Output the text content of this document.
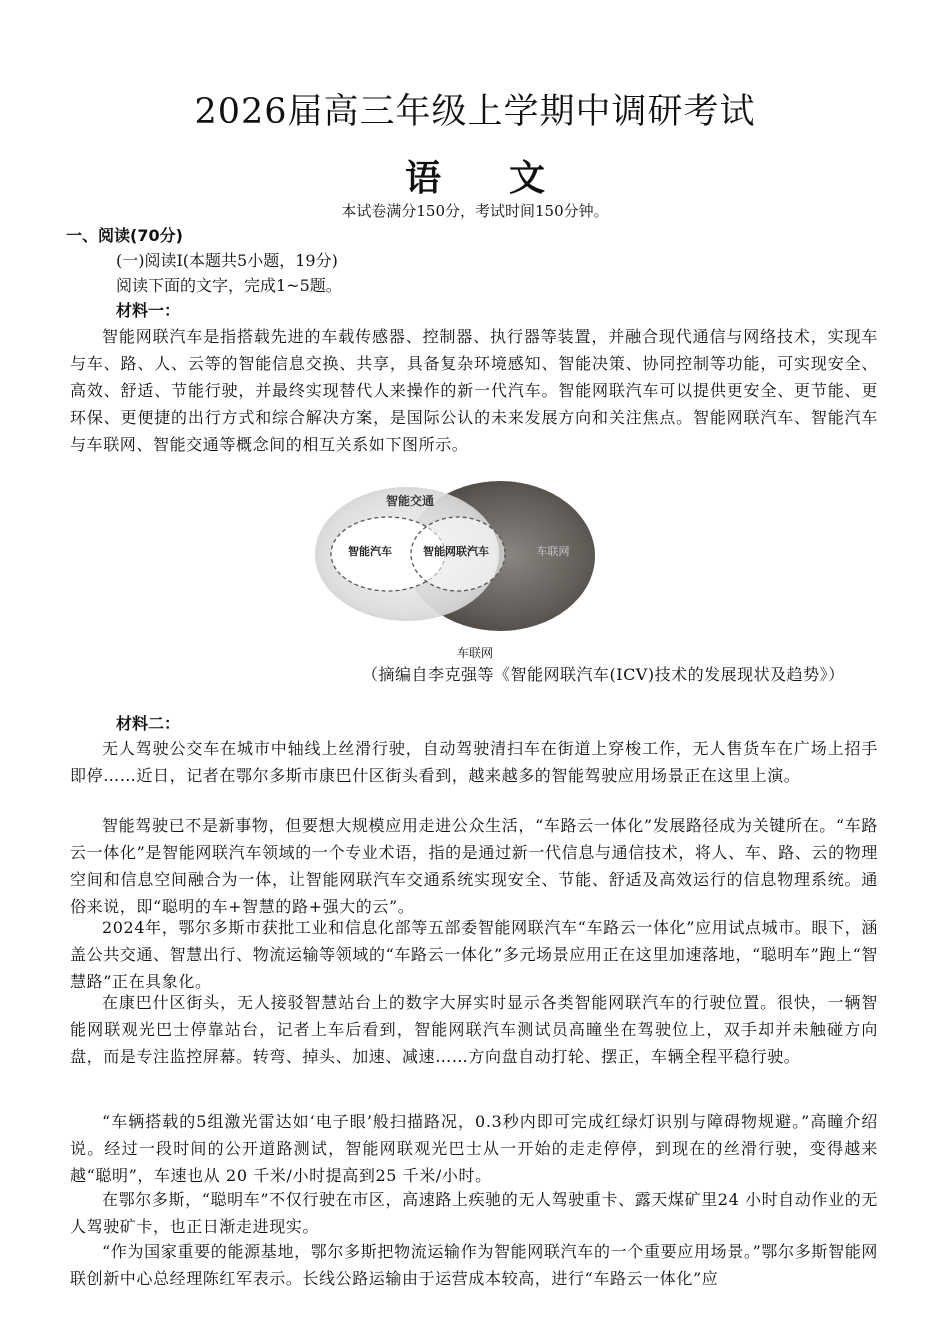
2026届高三年级上学期中调研考试
语文
本试卷满分150分，考试时间150分钟。
一、阅读(70分)
(一)阅读Ⅰ(本题共5小题，19分)
阅读下面的文字，完成1~5题。
材料一：
智能网联汽车是指搭载先进的车载传感器、控制器、执行器等装置，并融合现代通信与网络技术，实现车与车、路、人、云等的智能信息交换、共享，具备复杂环境感知、智能决策、协同控制等功能，可实现安全、高效、舒适、节能行驶，并最终实现替代人来操作的新一代汽车。智能网联汽车可以提供更安全、更节能、更环保、更便捷的出行方式和综合解决方案，是国际公认的未来发展方向和关注焦点。智能网联汽车、智能汽车与车联网、智能交通等概念间的相互关系如下图所示。
智能交通
智能汽车	智能网联汽车	车联网
车联网
（摘编自李克强等《智能网联汽车(ICV)技术的发展现状及趋势》）
材料二：
无人驾驶公交车在城市中轴线上丝滑行驶，自动驾驶清扫车在街道上穿梭工作，无人售货车在广场上招手即停……近日，记者在鄂尔多斯市康巴什区街头看到，越来越多的智能驾驶应用场景正在这里上演。
智能驾驶已不是新事物，但要想大规模应用走进公众生活，“车路云一体化”发展路径成为关键所在。“车路云一体化”是智能网联汽车领域的一个专业术语，指的是通过新一代信息与通信技术，将人、车、路、云的物理空间和信息空间融合为一体，让智能网联汽车交通系统实现安全、节能、舒适及高效运行的信息物理系统。通俗来说，即“聪明的车+智慧的路+强大的云”。
2024年，鄂尔多斯市获批工业和信息化部等五部委智能网联汽车“车路云一体化”应用试点城市。眼下，涵盖公共交通、智慧出行、物流运输等领域的“车路云一体化”多元场景应用正在这里加速落地，“聪明车”跑上“智慧路”正在具象化。
在康巴什区街头，无人接驳智慧站台上的数字大屏实时显示各类智能网联汽车的行驶位置。很快，一辆智能网联观光巴士停靠站台，记者上车后看到，智能网联汽车测试员高瞳坐在驾驶位上，双手却并未触碰方向盘，而是专注监控屏幕。转弯、掉头、加速、减速……方向盘自动打轮、摆正，车辆全程平稳行驶。
“车辆搭载的5组激光雷达如‘电子眼’般扫描路况，0.3秒内即可完成红绿灯识别与障碍物规避。”高瞳介绍说。经过一段时间的公开道路测试，智能网联观光巴士从一开始的走走停停，到现在的丝滑行驶，变得越来越“聪明”，车速也从 20 千米/小时提高到25 千米/小时。
在鄂尔多斯，“聪明车”不仅行驶在市区，高速路上疾驰的无人驾驶重卡、露天煤矿里24 小时自动作业的无人驾驶矿卡，也正日渐走进现实。
“作为国家重要的能源基地，鄂尔多斯把物流运输作为智能网联汽车的一个重要应用场景。”鄂尔多斯智能网联创新中心总经理陈红军表示。长线公路运输由于运营成本较高，进行“车路云一体化”应
